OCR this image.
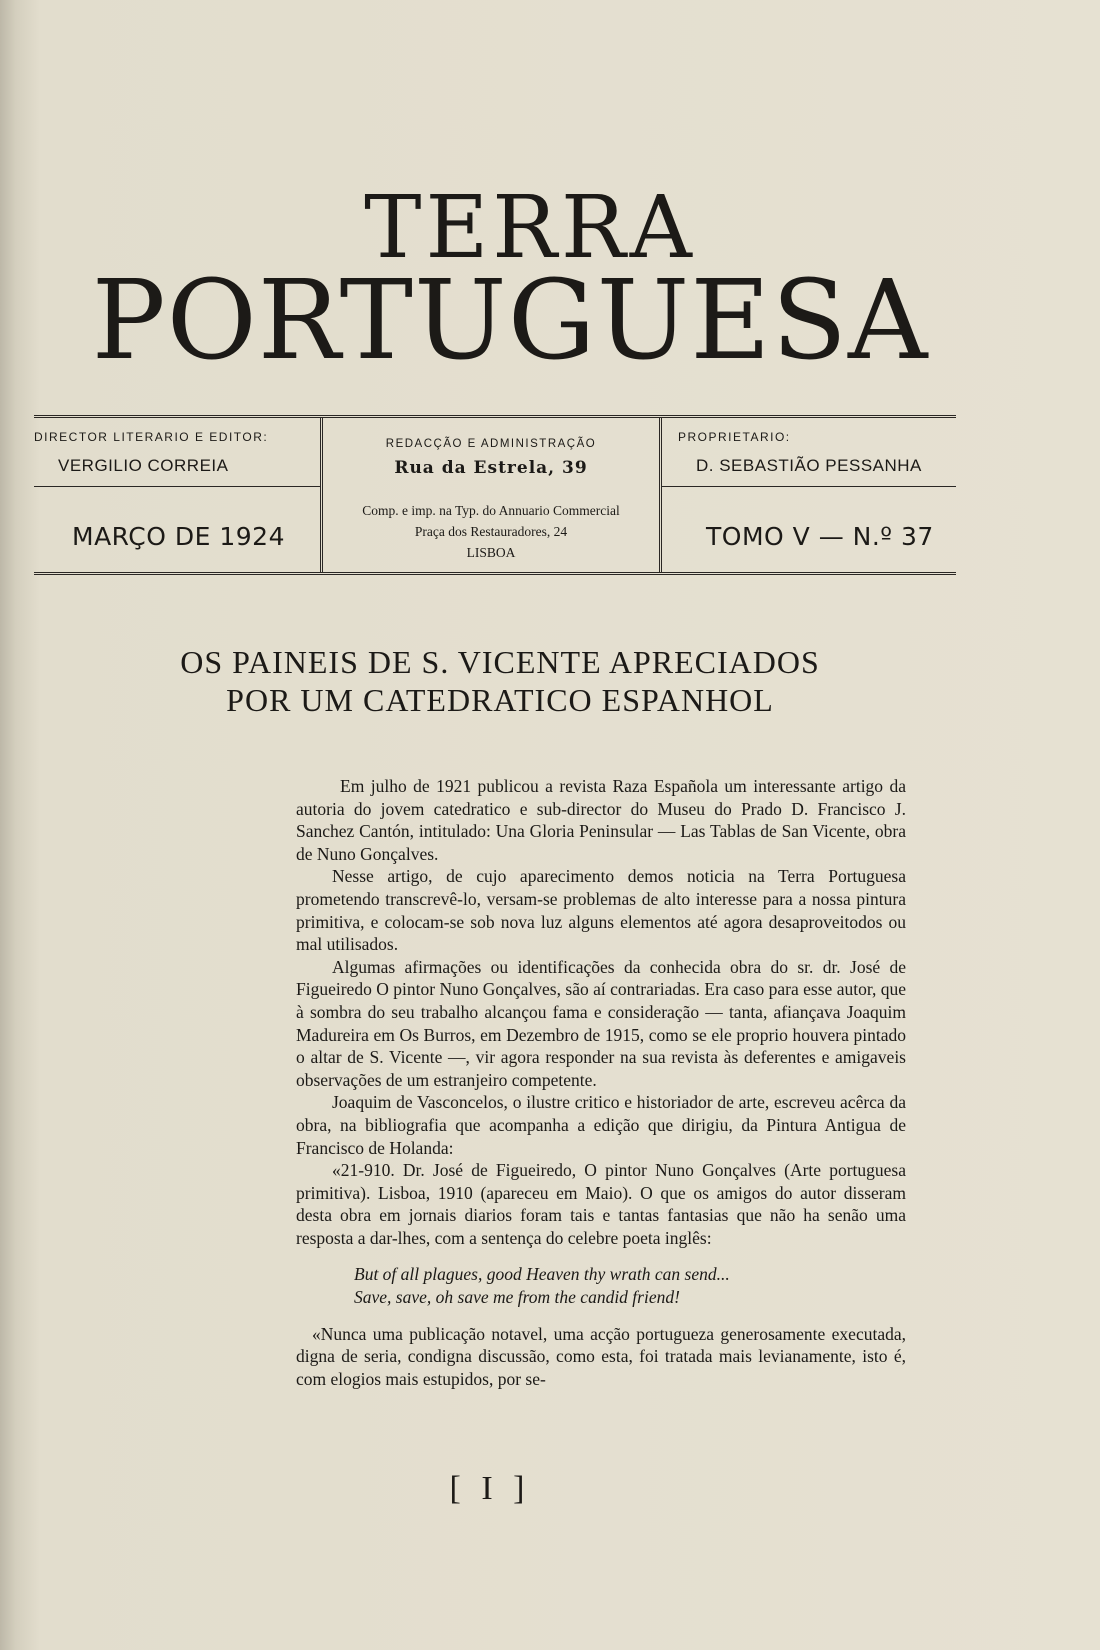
TERRA
PORTUGUESA
DIRECTOR LITERARIO E EDITOR:
VERGILIO CORREIA
MARÇO DE 1924
REDACÇÃO E ADMINISTRAÇÃO
Rua da Estrela, 39
Comp. e imp. na Typ. do Annuario Commercial
Praça dos Restauradores, 24
LISBOA
PROPRIETARIO:
D. SEBASTIÃO PESSANHA
TOMO V — N.º 37
OS PAINEIS DE S. VICENTE APRECIADOS
POR UM CATEDRATICO ESPANHOL

Em julho de 1921 publicou a revista Raza Española um interessante artigo da autoria do jovem catedratico e sub-director do Museu do Prado D. Francisco J. Sanchez Cantón, intitulado: Una Gloria Peninsular — Las Tablas de San Vicente, obra de Nuno Gonçalves.

Nesse artigo, de cujo aparecimento demos noticia na Terra Portuguesa prometendo transcrevê-lo, versam-se problemas de alto interesse para a nossa pintura primitiva, e colocam-se sob nova luz alguns elementos até agora desaproveitodos ou mal utilisados.

Algumas afirmações ou identificações da conhecida obra do sr. dr. José de Figueiredo O pintor Nuno Gonçalves, são aí contrariadas. Era caso para esse autor, que à sombra do seu trabalho alcançou fama e consideração — tanta, afiançava Joaquim Madureira em Os Burros, em Dezembro de 1915, como se ele proprio houvera pintado o altar de S. Vicente —, vir agora responder na sua revista às deferentes e amigaveis observações de um estranjeiro competente.

Joaquim de Vasconcelos, o ilustre critico e historiador de arte, escreveu acêrca da obra, na bibliografia que acompanha a edição que dirigiu, da Pintura Antigua de Francisco de Holanda:

«21-910. Dr. José de Figueiredo, O pintor Nuno Gonçalves (Arte portuguesa primitiva). Lisboa, 1910 (apareceu em Maio). O que os amigos do autor disseram desta obra em jornais diarios foram tais e tantas fantasias que não ha senão uma resposta a dar-lhes, com a sentença do celebre poeta inglês:

But of all plagues, good Heaven thy wrath can send...
Save, save, oh save me from the candid friend!

«Nunca uma publicação notavel, uma acção portugueza generosamente executada, digna de seria, condigna discussão, como esta, foi tratada mais levianamente, isto é, com elogios mais estupidos, por se-

[ I ]
